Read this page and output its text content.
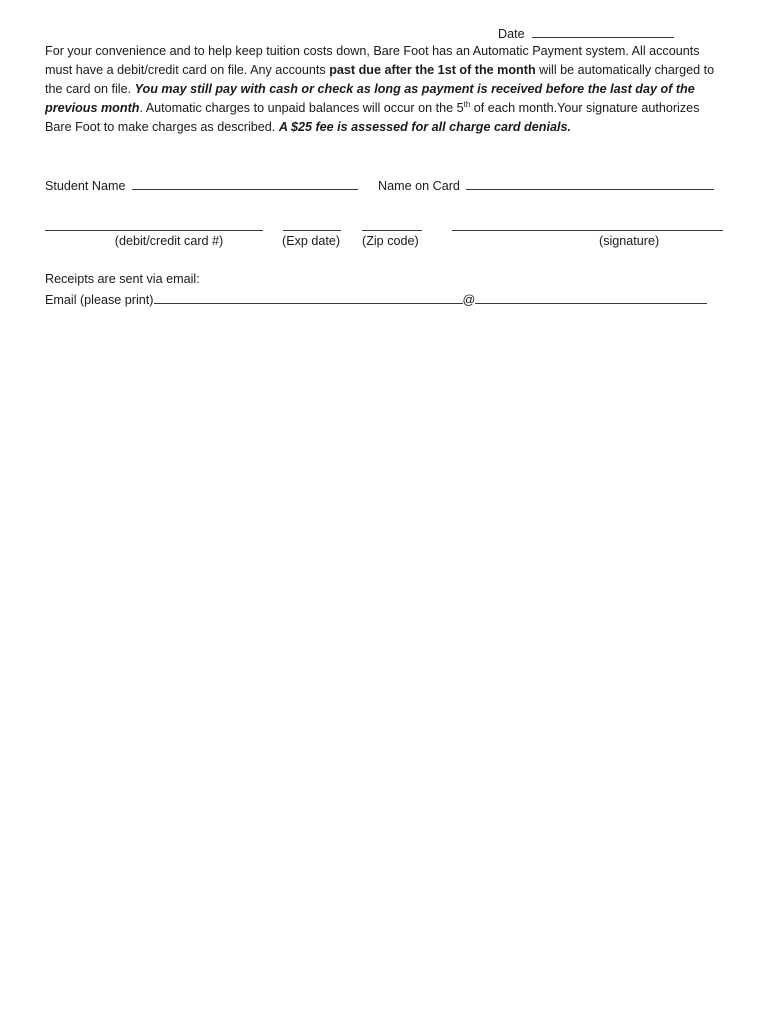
Date
For your convenience and to help keep tuition costs down, Bare Foot has an Automatic Payment system. All accounts must have a debit/credit card on file. Any accounts past due after the 1st of the month will be automatically charged to the card on file. You may still pay with cash or check as long as payment is received before the last day of the previous month. Automatic charges to unpaid balances will occur on the 5th of each month.Your signature authorizes Bare Foot to make charges as described. A $25 fee is assessed for all charge card denials.
Student Name	Name on Card
(debit/credit card #)	(Exp date) (Zip code)	(signature)
Receipts are sent via email:
Email (please print)	@
